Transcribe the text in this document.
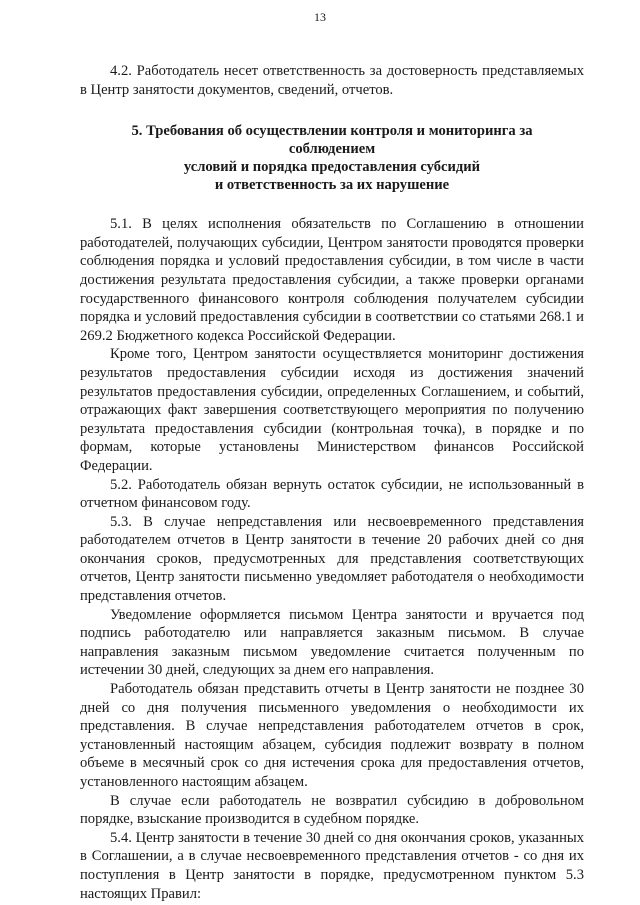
13

4.2. Работодатель несет ответственность за достоверность представляемых в Центр занятости документов, сведений, отчетов.

5. Требования об осуществлении контроля и мониторинга за
соблюдением
условий и порядка предоставления субсидий
и ответственность за их нарушение

5.1. В целях исполнения обязательств по Соглашению в отношении работодателей, получающих субсидии, Центром занятости проводятся проверки соблюдения порядка и условий предоставления субсидии, в том числе в части достижения результата предоставления субсидии, а также проверки органами государственного финансового контроля соблюдения получателем субсидии порядка и условий предоставления субсидии в соответствии со статьями 268.1 и 269.2 Бюджетного кодекса Российской Федерации.

Кроме того, Центром занятости осуществляется мониторинг достижения результатов предоставления субсидии исходя из достижения значений результатов предоставления субсидии, определенных Соглашением, и событий, отражающих факт завершения соответствующего мероприятия по получению результата предоставления субсидии (контрольная точка), в порядке и по формам, которые установлены Министерством финансов Российской Федерации.

5.2. Работодатель обязан вернуть остаток субсидии, не использованный в отчетном финансовом году.

5.3. В случае непредставления или несвоевременного представления работодателем отчетов в Центр занятости в течение 20 рабочих дней со дня окончания сроков, предусмотренных для представления соответствующих отчетов, Центр занятости письменно уведомляет работодателя о необходимости представления отчетов.

Уведомление оформляется письмом Центра занятости и вручается под подпись работодателю или направляется заказным письмом. В случае направления заказным письмом уведомление считается полученным по истечении 30 дней, следующих за днем его направления.

Работодатель обязан представить отчеты в Центр занятости не позднее 30 дней со дня получения письменного уведомления о необходимости их представления. В случае непредставления работодателем отчетов в срок, установленный настоящим абзацем, субсидия подлежит возврату в полном объеме в месячный срок со дня истечения срока для предоставления отчетов, установленного настоящим абзацем.

В случае если работодатель не возвратил субсидию в добровольном порядке, взыскание производится в судебном порядке.

5.4. Центр занятости в течение 30 дней со дня окончания сроков, указанных в Соглашении, а в случае несвоевременного представления отчетов - со дня их поступления в Центр занятости в порядке, предусмотренном пунктом 5.3 настоящих Правил:
